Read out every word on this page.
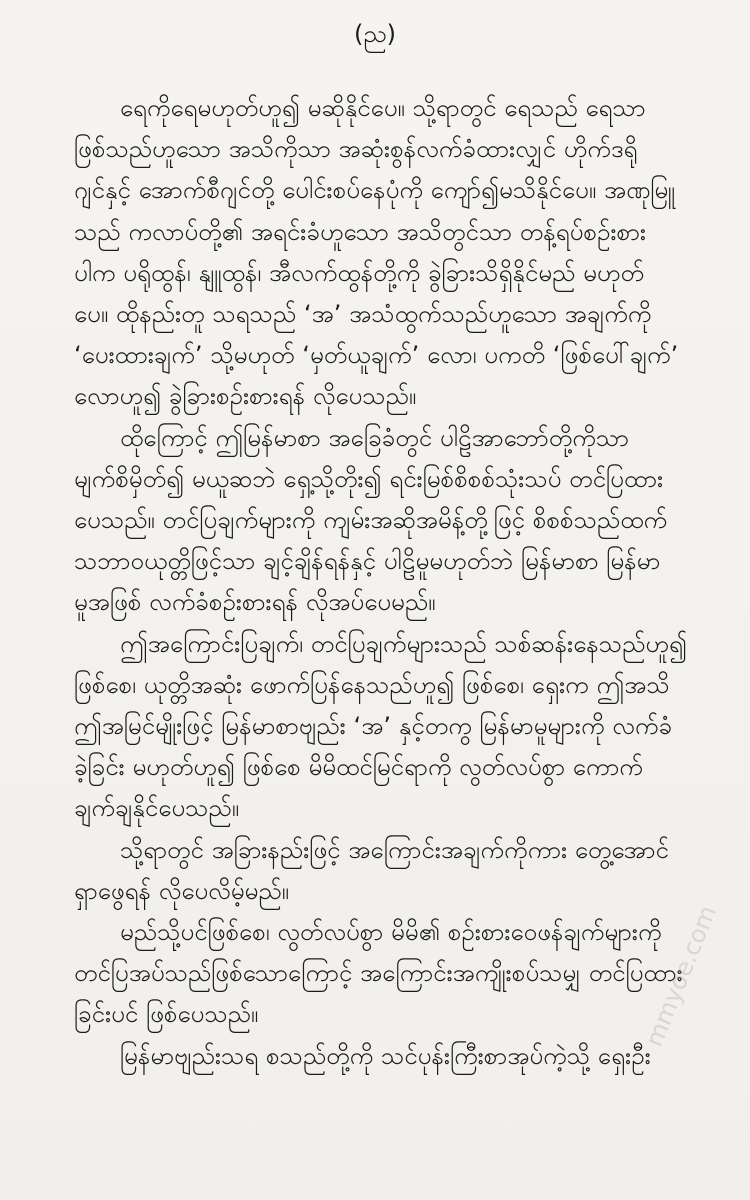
(ည)
ရေကိုရေမဟုတ်ဟူ၍ မဆိုနိုင်ပေ။ သို့ရာတွင် ရေသည် ရေသာ
ဖြစ်သည်ဟူသော အသိကိုသာ အဆုံးစွန်လက်ခံထားလျှင် ဟိုက်ဒရို
ဂျင်နှင့် အောက်စီဂျင်တို့ ပေါင်းစပ်နေပုံကို ကျော်၍မသိနိုင်ပေ။ အဏုမြူ
သည် ကလာပ်တို့၏ အရင်းခံဟူသော အသိတွင်သာ တန့်ရပ်စဉ်းစား
ပါက ပရိုထွန်၊ နျူထွန်၊ အီလက်ထွန်တို့ကို ခွဲခြားသိရှိနိုင်မည် မဟုတ်
ပေ။ ထိုနည်းတူ သရသည် ‘အ’ အသံထွက်သည်ဟူသော အချက်ကို
‘ပေးထားချက်’ သို့မဟုတ် ‘မှတ်ယူချက်’ လော၊ ပကတိ ‘ဖြစ်ပေါ်ချက်’
လောဟူ၍ ခွဲခြားစဉ်းစားရန် လိုပေသည်။
ထိုကြောင့် ဤမြန်မာစာ အခြေခံတွင် ပါဠိအာဘော်တို့ကိုသာ
မျက်စိမှိတ်၍ မယူဆဘဲ ရှေ့သို့တိုး၍ ရင်းမြစ်စိစစ်သုံးသပ် တင်ပြထား
ပေသည်။ တင်ပြချက်များကို ကျမ်းအဆိုအမိန့်တို့ဖြင့် စိစစ်သည်ထက်
သဘာဝယုတ္တိဖြင့်သာ ချင့်ချိန်ရန်နှင့် ပါဠိမူမဟုတ်ဘဲ မြန်မာစာ မြန်မာ
မူအဖြစ် လက်ခံစဉ်းစားရန် လိုအပ်ပေမည်။
ဤအကြောင်းပြချက်၊ တင်ပြချက်များသည် သစ်ဆန်းနေသည်ဟူ၍
ဖြစ်စေ၊ ယုတ္တိအဆုံး ဖောက်ပြန်နေသည်ဟူ၍ ဖြစ်စေ၊ ရှေးက ဤအသိ
ဤအမြင်မျိုးဖြင့် မြန်မာစာဗျည်း ‘အ’ နှင့်တကွ မြန်မာမူများကို လက်ခံ
ခဲ့ခြင်း မဟုတ်ဟူ၍ ဖြစ်စေ မိမိထင်မြင်ရာကို လွတ်လပ်စွာ ကောက်
ချက်ချနိုင်ပေသည်။
သို့ရာတွင် အခြားနည်းဖြင့် အကြောင်းအချက်ကိုကား တွေ့အောင်
ရှာဖွေရန် လိုပေလိမ့်မည်။
မည်သို့ပင်ဖြစ်စေ၊ လွတ်လပ်စွာ မိမိ၏ စဉ်းစားဝေဖန်ချက်များကို
တင်ပြအပ်သည်ဖြစ်သောကြောင့် အကြောင်းအကျိုးစပ်သမျှ တင်ပြထား
ခြင်းပင် ဖြစ်ပေသည်။
မြန်မာဗျည်းသရ စသည်တို့ကို သင်ပုန်းကြီးစာအုပ်ကဲ့သို့ ရှေးဦး
mmyoe.com
